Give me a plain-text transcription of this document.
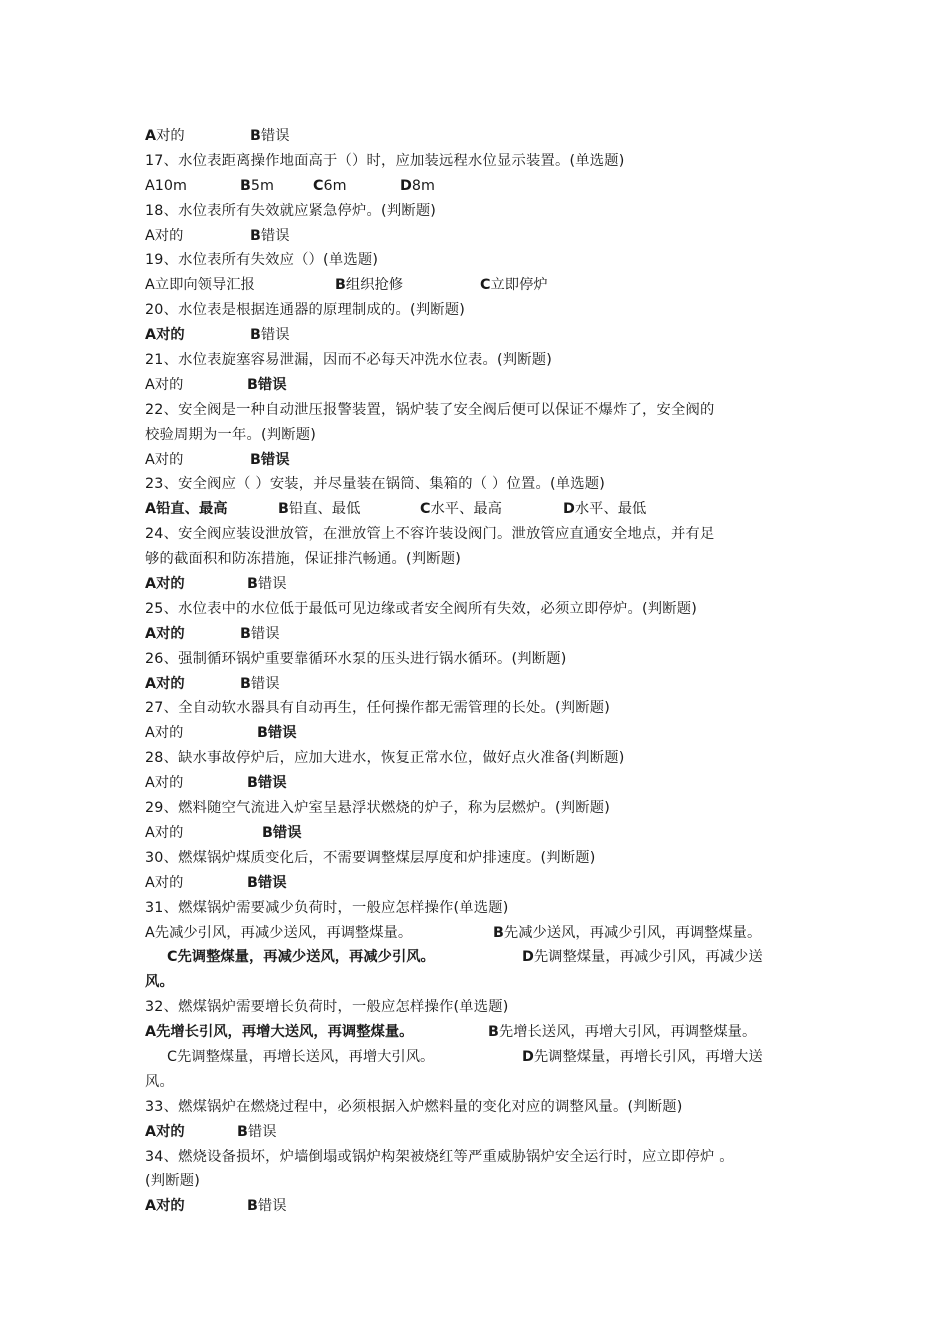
A对的	B错误
17、水位表距离操作地面高于（）时，应加装远程水位显示装置。(单选题)
A10m	B5m	C6m	D8m
18、水位表所有失效就应紧急停炉。(判断题)
A对的	B错误
19、水位表所有失效应（）(单选题)
A立即向领导汇报	B组织抢修	C立即停炉
20、水位表是根据连通器的原理制成的。(判断题)
A对的	B错误
21、水位表旋塞容易泄漏，因而不必每天冲洗水位表。(判断题)
A对的	B错误
22、安全阀是一种自动泄压报警装置，锅炉装了安全阀后便可以保证不爆炸了，安全阀的
校验周期为一年。(判断题)
A对的	B错误
23、安全阀应（ ）安装，并尽量装在锅筒、集箱的（ ）位置。(单选题)
A铅直、最高	B铅直、最低	C水平、最高	D水平、最低
24、安全阀应装设泄放管，在泄放管上不容许装设阀门。泄放管应直通安全地点，并有足
够的截面积和防冻措施，保证排汽畅通。(判断题)
A对的	B错误
25、水位表中的水位低于最低可见边缘或者安全阀所有失效，必须立即停炉。(判断题)
A对的	B错误
26、强制循环锅炉重要靠循环水泵的压头进行锅水循环。(判断题)
A对的	B错误
27、全自动软水器具有自动再生，任何操作都无需管理的长处。(判断题)
A对的	B错误
28、缺水事故停炉后，应加大进水，恢复正常水位，做好点火准备(判断题)
A对的	B错误
29、燃料随空气流进入炉室呈悬浮状燃烧的炉子，称为层燃炉。(判断题)
A对的	B错误
30、燃煤锅炉煤质变化后，不需要调整煤层厚度和炉排速度。(判断题)
A对的	B错误
31、燃煤锅炉需要减少负荷时，一般应怎样操作(单选题)
A先减少引风，再减少送风，再调整煤量。	B先减少送风，再减少引风，再调整煤量。
C先调整煤量，再减少送风，再减少引风。	D先调整煤量，再减少引风，再减少送
风。
32、燃煤锅炉需要增长负荷时，一般应怎样操作(单选题)
A先增长引风，再增大送风，再调整煤量。	B先增长送风，再增大引风，再调整煤量。
C先调整煤量，再增长送风，再增大引风。	D先调整煤量，再增长引风，再增大送
风。
33、燃煤锅炉在燃烧过程中，必须根据入炉燃料量的变化对应的调整风量。(判断题)
A对的	B错误
34、燃烧设备损坏，炉墙倒塌或锅炉构架被烧红等严重威胁锅炉安全运行时，应立即停炉 。
(判断题)
A对的	B错误
